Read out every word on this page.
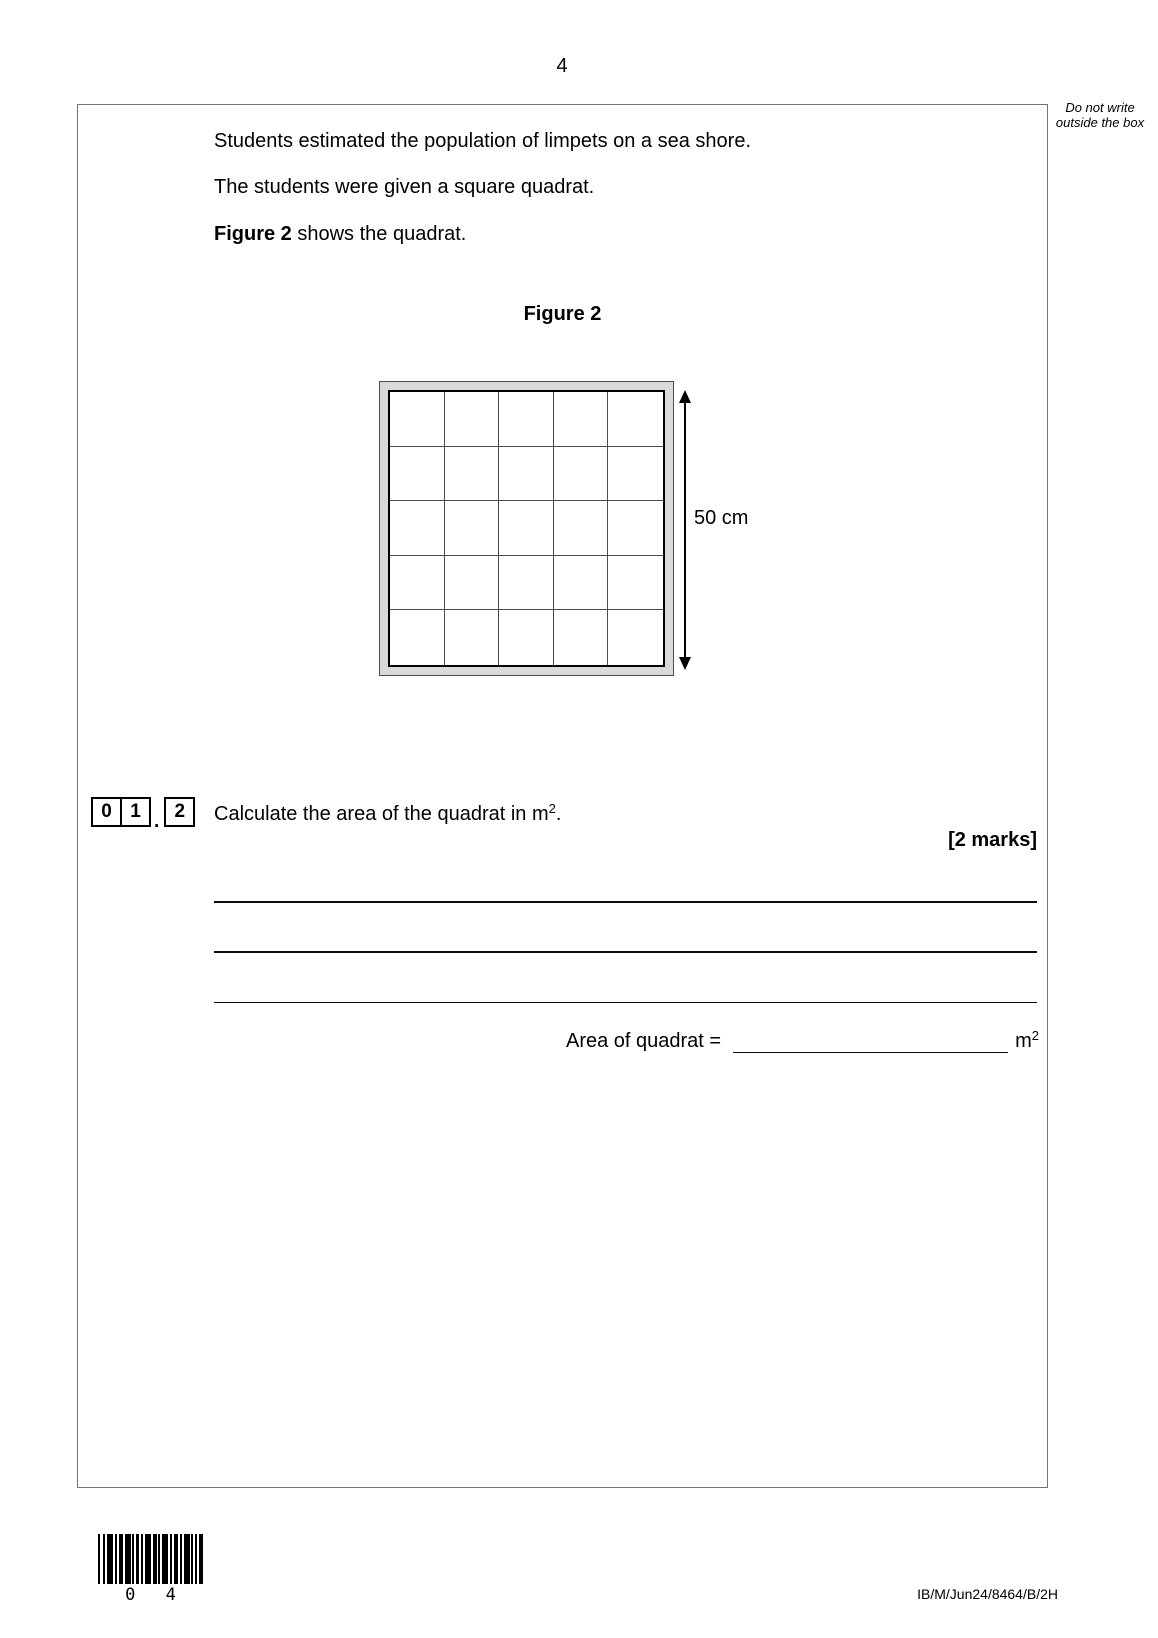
4
Do not write outside the box
Students estimated the population of limpets on a sea shore.
The students were given a square quadrat.
Figure 2 shows the quadrat.
Figure 2
50 cm
0 1 . 2	Calculate the area of the quadrat in $m^2$.
[2 marks]
Area of quadrat =	$m^2$
0 4	IB/M/Jun24/8464/B/2H
